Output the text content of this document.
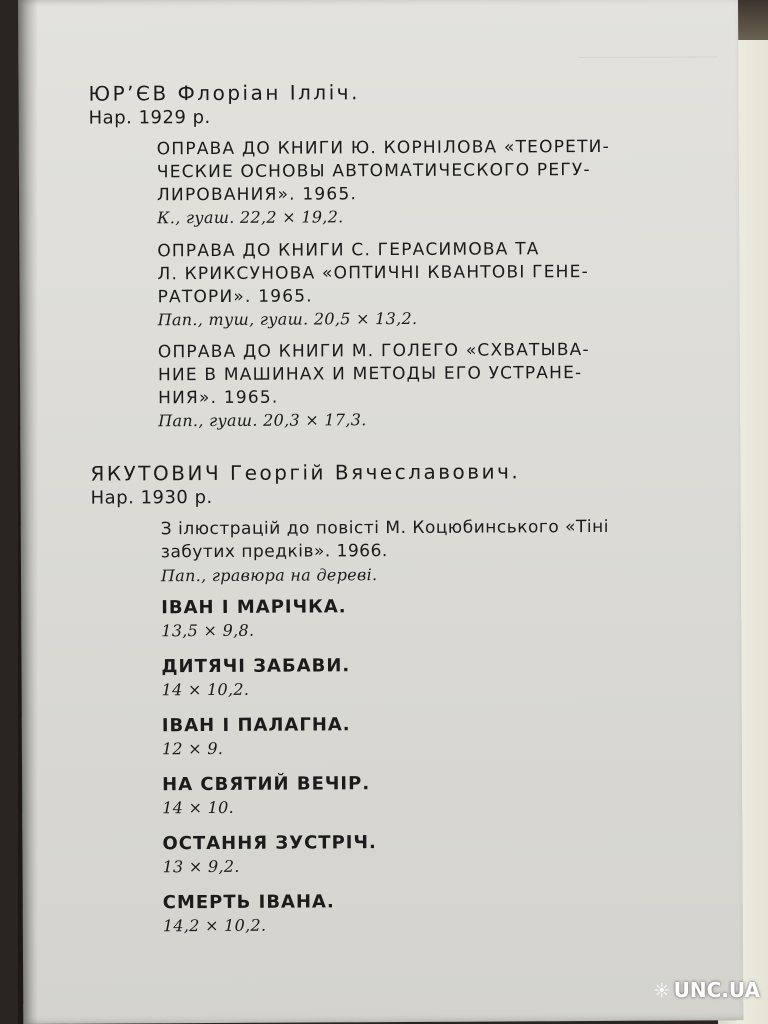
ЮР’ЄВ Флоріан Ілліч.
Нар. 1929 р.
ОПРАВА ДО КНИГИ Ю. КОРНІЛОВА «ТЕОРЕТИ-
ЧЕСКИЕ ОСНОВЫ АВТОМАТИЧЕСКОГО РЕГУ-
ЛИРОВАНИЯ». 1965.
К., гуаш. 22,2 × 19,2.
ОПРАВА ДО КНИГИ С. ГЕРАСИМОВА ТА
Л. КРИКСУНОВА «ОПТИЧНІ КВАНТОВІ ГЕНЕ-
РАТОРИ». 1965.
Пап., туш, гуаш. 20,5 × 13,2.
ОПРАВА ДО КНИГИ М. ГОЛЕГО «СХВАТЫВА-
НИЕ В МАШИНАХ И МЕТОДЫ ЕГО УСТРАНЕ-
НИЯ». 1965.
Пап., гуаш. 20,3 × 17,3.
ЯКУТОВИЧ Георгій Вячеславович.
Нар. 1930 р.
З ілюстрацій до повісті М. Коцюбинського «Тіні
забутих предків». 1966.
Пап., гравюра на дереві.
ІВАН І МАРІЧКА.
13,5 × 9,8.
ДИТЯЧІ ЗАБАВИ.
14 × 10,2.
ІВАН І ПАЛАГНА.
12 × 9.
НА СВЯТИЙ ВЕЧІР.
14 × 10.
ОСТАННЯ ЗУСТРІЧ.
13 × 9,2.
СМЕРТЬ ІВАНА.
14,2 × 10,2.
UNC.UA
